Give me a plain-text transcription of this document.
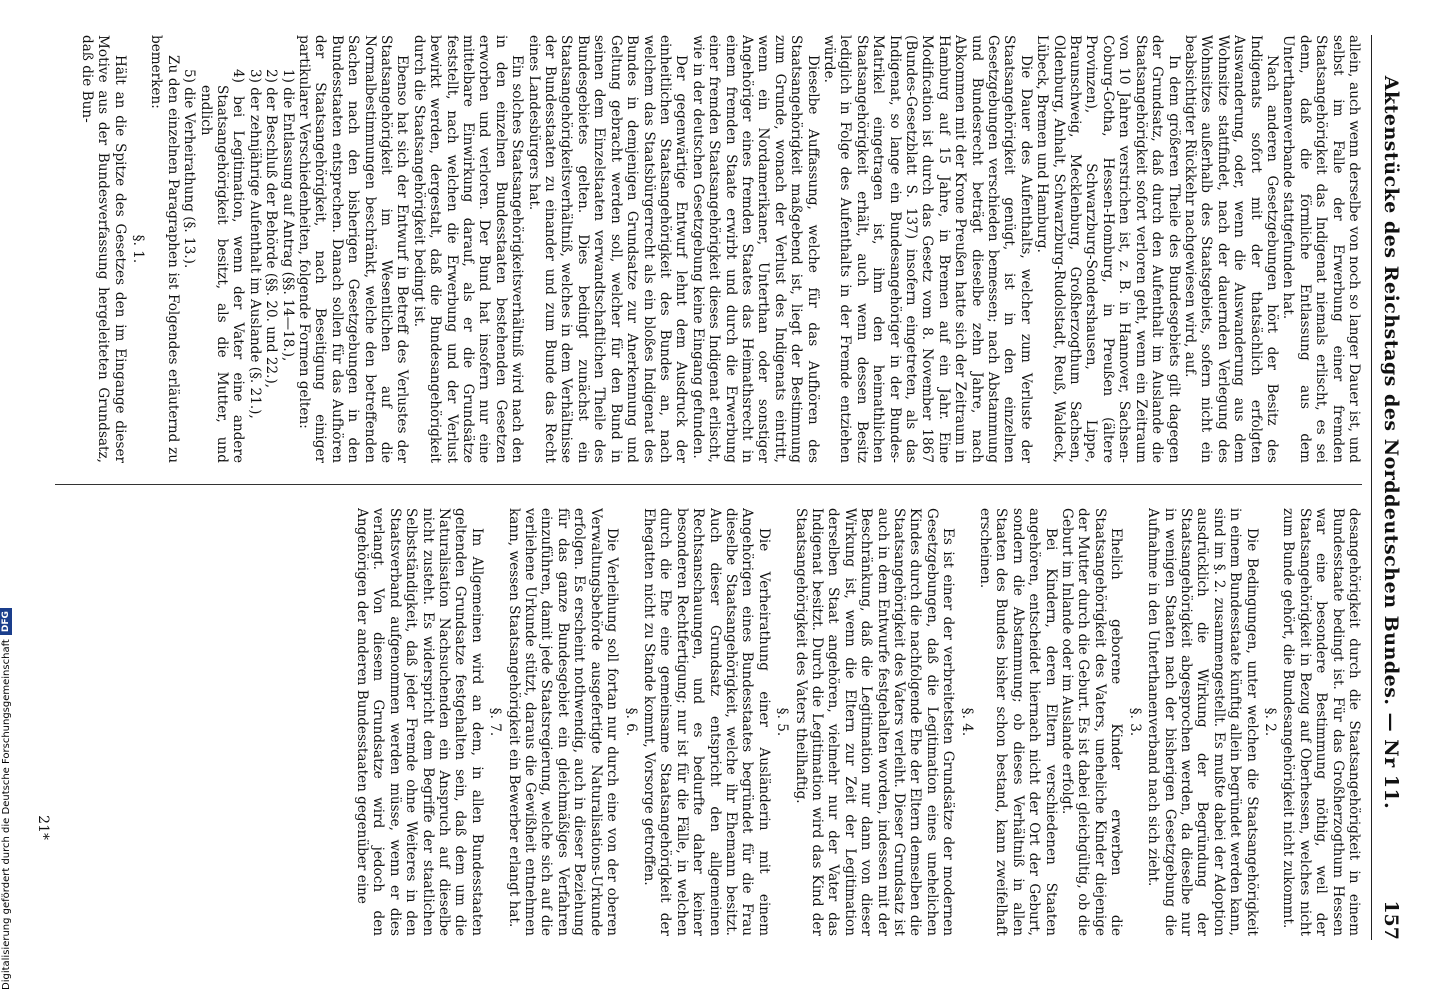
Aktenstücke des Reichstags des Norddeutschen Bundes. — Nr 11.
157

allein, auch wenn derselbe von noch so langer Dauer ist, und selbst im Falle der Erwerbung einer fremden Staatsangehörigkeit das Indigenat niemals erlischt, es sei denn, daß die förmliche Entlassung aus dem Unterthanenverbande stattgefunden hat.

Nach anderen Gesetzgebungen hört der Besitz des Indigenats sofort mit der thatsächlich erfolgten Auswanderung, oder, wenn die Auswanderung aus dem Wohnsitze stattfindet, nach der dauernden Verlegung des Wohnsitzes außerhalb des Staatsgebiets, sofern nicht ein beabsichtigter Rückkehr nachgewiesen wird, auf.

In dem größeren Theile des Bundesgebiets gilt dagegen der Grundsatz, daß durch den Aufenthalt im Auslande die Staatsangehörigkeit sofort verloren geht, wenn ein Zeitraum von 10 Jahren verstrichen ist, z. B. in Hannover, Sachsen-Coburg-Gotha, Hessen-Homburg, in Preußen (ältere Provinzen), Schwarzburg-Sondershausen, Lippe, Braunschweig, Mecklenburg, Großherzogthum Sachsen, Oldenburg, Anhalt, Schwarzburg-Rudolstadt, Reuß, Waldeck, Lübeck, Bremen und Hamburg.

Die Dauer des Aufenthalts, welcher zum Verluste der Staatsangehörigkeit genügt, ist in den einzelnen Gesetzgebungen verschieden bemessen; nach Abstammung und Bundesrecht beträgt dieselbe zehn Jahre, nach Abkommen mit der Krone Preußen hatte sich der Zeitraum in Hamburg auf 15 Jahre, in Bremen auf ein Jahr. Eine Modification ist durch das Gesetz vom 8. November 1867 (Bundes-Gesetzblatt S. 137) insofern eingetreten, als das Indigenat, so lange ein Bundesangehöriger in der Bundes-Matrikel eingetragen ist, ihm den heimathlichen Staatsangehörigkeit erhält, auch wenn dessen Besitz lediglich in Folge des Aufenthalts in der Fremde entziehen würde.

Dieselbe Auffassung, welche für das Aufhören des Staatsangehörigkeit maßgebend ist, liegt der Bestimmung zum Grunde, wonach der Verlust des Indigenats eintritt, wenn ein Nordamerikaner, Unterthan oder sonstiger Angehöriger eines fremden Staates das Heimathsrecht in einem fremden Staate erwirbt und durch die Erwerbung einer fremden Staatsangehörigkeit dieses Indigenat erlischt, wie in der deutschen Gesetzgebung keine Eingang gefunden.

Der gegenwärtige Entwurf lehnt dem Ausdruck der einheitlichen Staatsangehörigkeit des Bundes an, nach welchem das Staatsbürgerrecht als ein bloßes Indigenat des Bundes in demjenigen Grundsatze zur Anerkennung und Geltung gebracht werden soll, welcher für den Bund in seinen dem Einzelstaaten verwandtschaftlichen Theile des Bundesgebietes gelten. Dies bedingt zunächst ein Staatsangehörigkeitsverhältniß, welches in dem Verhältnisse der Bundesstaaten zu einander und zum Bunde das Recht eines Landesbürgers hat.

Ein solches Staatsangehörigkeitsverhältniß wird nach den in den einzelnen Bundesstaaten bestehenden Gesetzen erworben und verloren. Der Bund hat insofern nur eine mittelbare Einwirkung darauf, als er die Grundsätze feststellt, nach welchen die Erwerbung und der Verlust bewirkt werden, dergestalt, daß die Bundesangehörigkeit durch die Staatsangehörigkeit bedingt ist.

Ebenso hat sich der Entwurf in Betreff des Verlustes der Staatsangehörigkeit im Wesentlichen auf die Normalbestimmungen beschränkt, welche den betreffenden Sachen nach den bisherigen Gesetzgebungen in den Bundesstaaten entsprechen. Danach sollen für das Aufhören der Staatsangehörigkeit, nach Beseitigung einiger partikularer Verschiedenheiten, folgende Formen gelten:

1) die Entlassung auf Antrag (§§. 14—18.),

2) der Beschluß der Behörde (§§. 20. und 22.),

3) der zehnjährige Aufenthalt im Auslande (§. 21.),

4) bei Legitimation, wenn der Vater eine andere Staatsangehörigkeit besitzt, als die Mutter, und endlich

5) die Verheirathung (§. 13.).

Zu den einzelnen Paragraphen ist Folgendes erläuternd zu bemerken:

§. 1.

Hält an die Spitze des Gesetzes den im Eingange dieser Motive aus der Bundesverfassung hergeleiteten Grundsatz, daß die Bun-

desangehörigkeit durch die Staatsangehörigkeit in einem Bundesstaate bedingt ist. Für das Großherzogthum Hessen war eine besondere Bestimmung nöthig, weil der Staatsangehörigkeit in Bezug auf Oberhessen, welches nicht zum Bunde gehört, die Bundesangehörigkeit nicht zukommt.

§. 2.

Die Bedingungen, unter welchen die Staatsangehörigkeit in einem Bundesstaate künftig allein begründet werden kann, sind im §. 2. zusammengestellt. Es mußte dabei der Adoption ausdrücklich die Wirkung der Begründung der Staatsangehörigkeit abgesprochen werden, da dieselbe nur in wenigen Staaten nach der bisherigen Gesetzgebung die Aufnahme in den Unterthanenverband nach sich zieht.

§. 3.

Ehelich geborene Kinder erwerben die Staatsangehörigkeit des Vaters, uneheliche Kinder diejenige der Mutter durch die Geburt. Es ist dabei gleichgültig, ob die Geburt im Inlande oder im Auslande erfolgt.

Bei Kindern, deren Eltern verschiedenen Staaten angehören, entscheidet hiernach nicht der Ort der Geburt, sondern die Abstammung; ob dieses Verhältniß in allen Staaten des Bundes bisher schon bestand, kann zweifelhaft erscheinen.

§. 4.

Es ist einer der verbreitetsten Grundsätze der modernen Gesetzgebungen, daß die Legitimation eines unehelichen Kindes durch die nachfolgende Ehe der Eltern demselben die Staatsangehörigkeit des Vaters verleiht. Dieser Grundsatz ist auch in dem Entwurfe festgehalten worden, indessen mit der Beschränkung, daß die Legitimation nur dann von dieser Wirkung ist, wenn die Eltern zur Zeit der Legitimation derselben Staat angehören, vielmehr nur der Vater das Indigenat besitzt. Durch die Legitimation wird das Kind der Staatsangehörigkeit des Vaters theilhaftig.

§. 5.

Die Verheirathung einer Ausländerin mit einem Angehörigen eines Bundesstaates begründet für die Frau dieselbe Staatsangehörigkeit, welche ihr Ehemann besitzt. Auch dieser Grundsatz entspricht den allgemeinen Rechtsanschauungen, und es bedurfte daher keiner besonderen Rechtfertigung; nur ist für die Fälle, in welchen durch die Ehe eine gemeinsame Staatsangehörigkeit der Ehegatten nicht zu Stande kommt, Vorsorge getroffen.

§. 6.

Die Verleihung soll fortan nur durch eine von der oberen Verwaltungsbehörde ausgefertigte Naturalisations-Urkunde erfolgen. Es erscheint nothwendig, auch in dieser Beziehung für das ganze Bundesgebiet ein gleichmäßiges Verfahren einzuführen, damit jede Staatsregierung, welche sich auf die verliehene Urkunde stützt, daraus die Gewißheit entnehmen kann, wessen Staatsangehörigkeit ein Bewerber erlangt hat.

§. 7.

Im Allgemeinen wird an dem, in allen Bundesstaaten geltenden Grundsatze festgehalten sein, daß dem um die Naturalisation Nachsuchenden ein Anspruch auf dieselbe nicht zusteht. Es widerspricht dem Begriffe der staatlichen Selbstständigkeit, daß jeder Fremde ohne Weiteres in den Staatsverband aufgenommen werden müsse, wenn er dies verlangt. Von diesem Grundsatze wird jedoch den Angehörigen der anderen Bundesstaaten gegenüber eine

21*
Digitalisierung gefördert durch die Deutsche ForschungsgemeinschaftDFG
